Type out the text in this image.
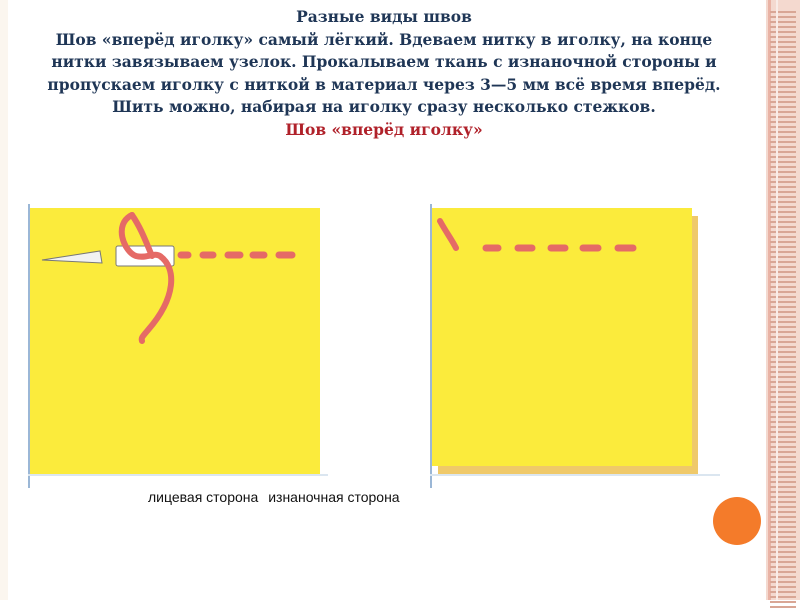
Разные виды швов
Шов «вперёд иголку» самый лёгкий. Вдеваем нитку в иголку, на конце
нитки завязываем узелок. Прокалываем ткань с изнаночной стороны и
пропускаем иголку с ниткой в материал через 3—5 мм всё время вперёд.
Шить можно, набирая на иголку сразу несколько стежков.
Шов «вперёд иголку»
лицевая сторона изнаночная сторона
